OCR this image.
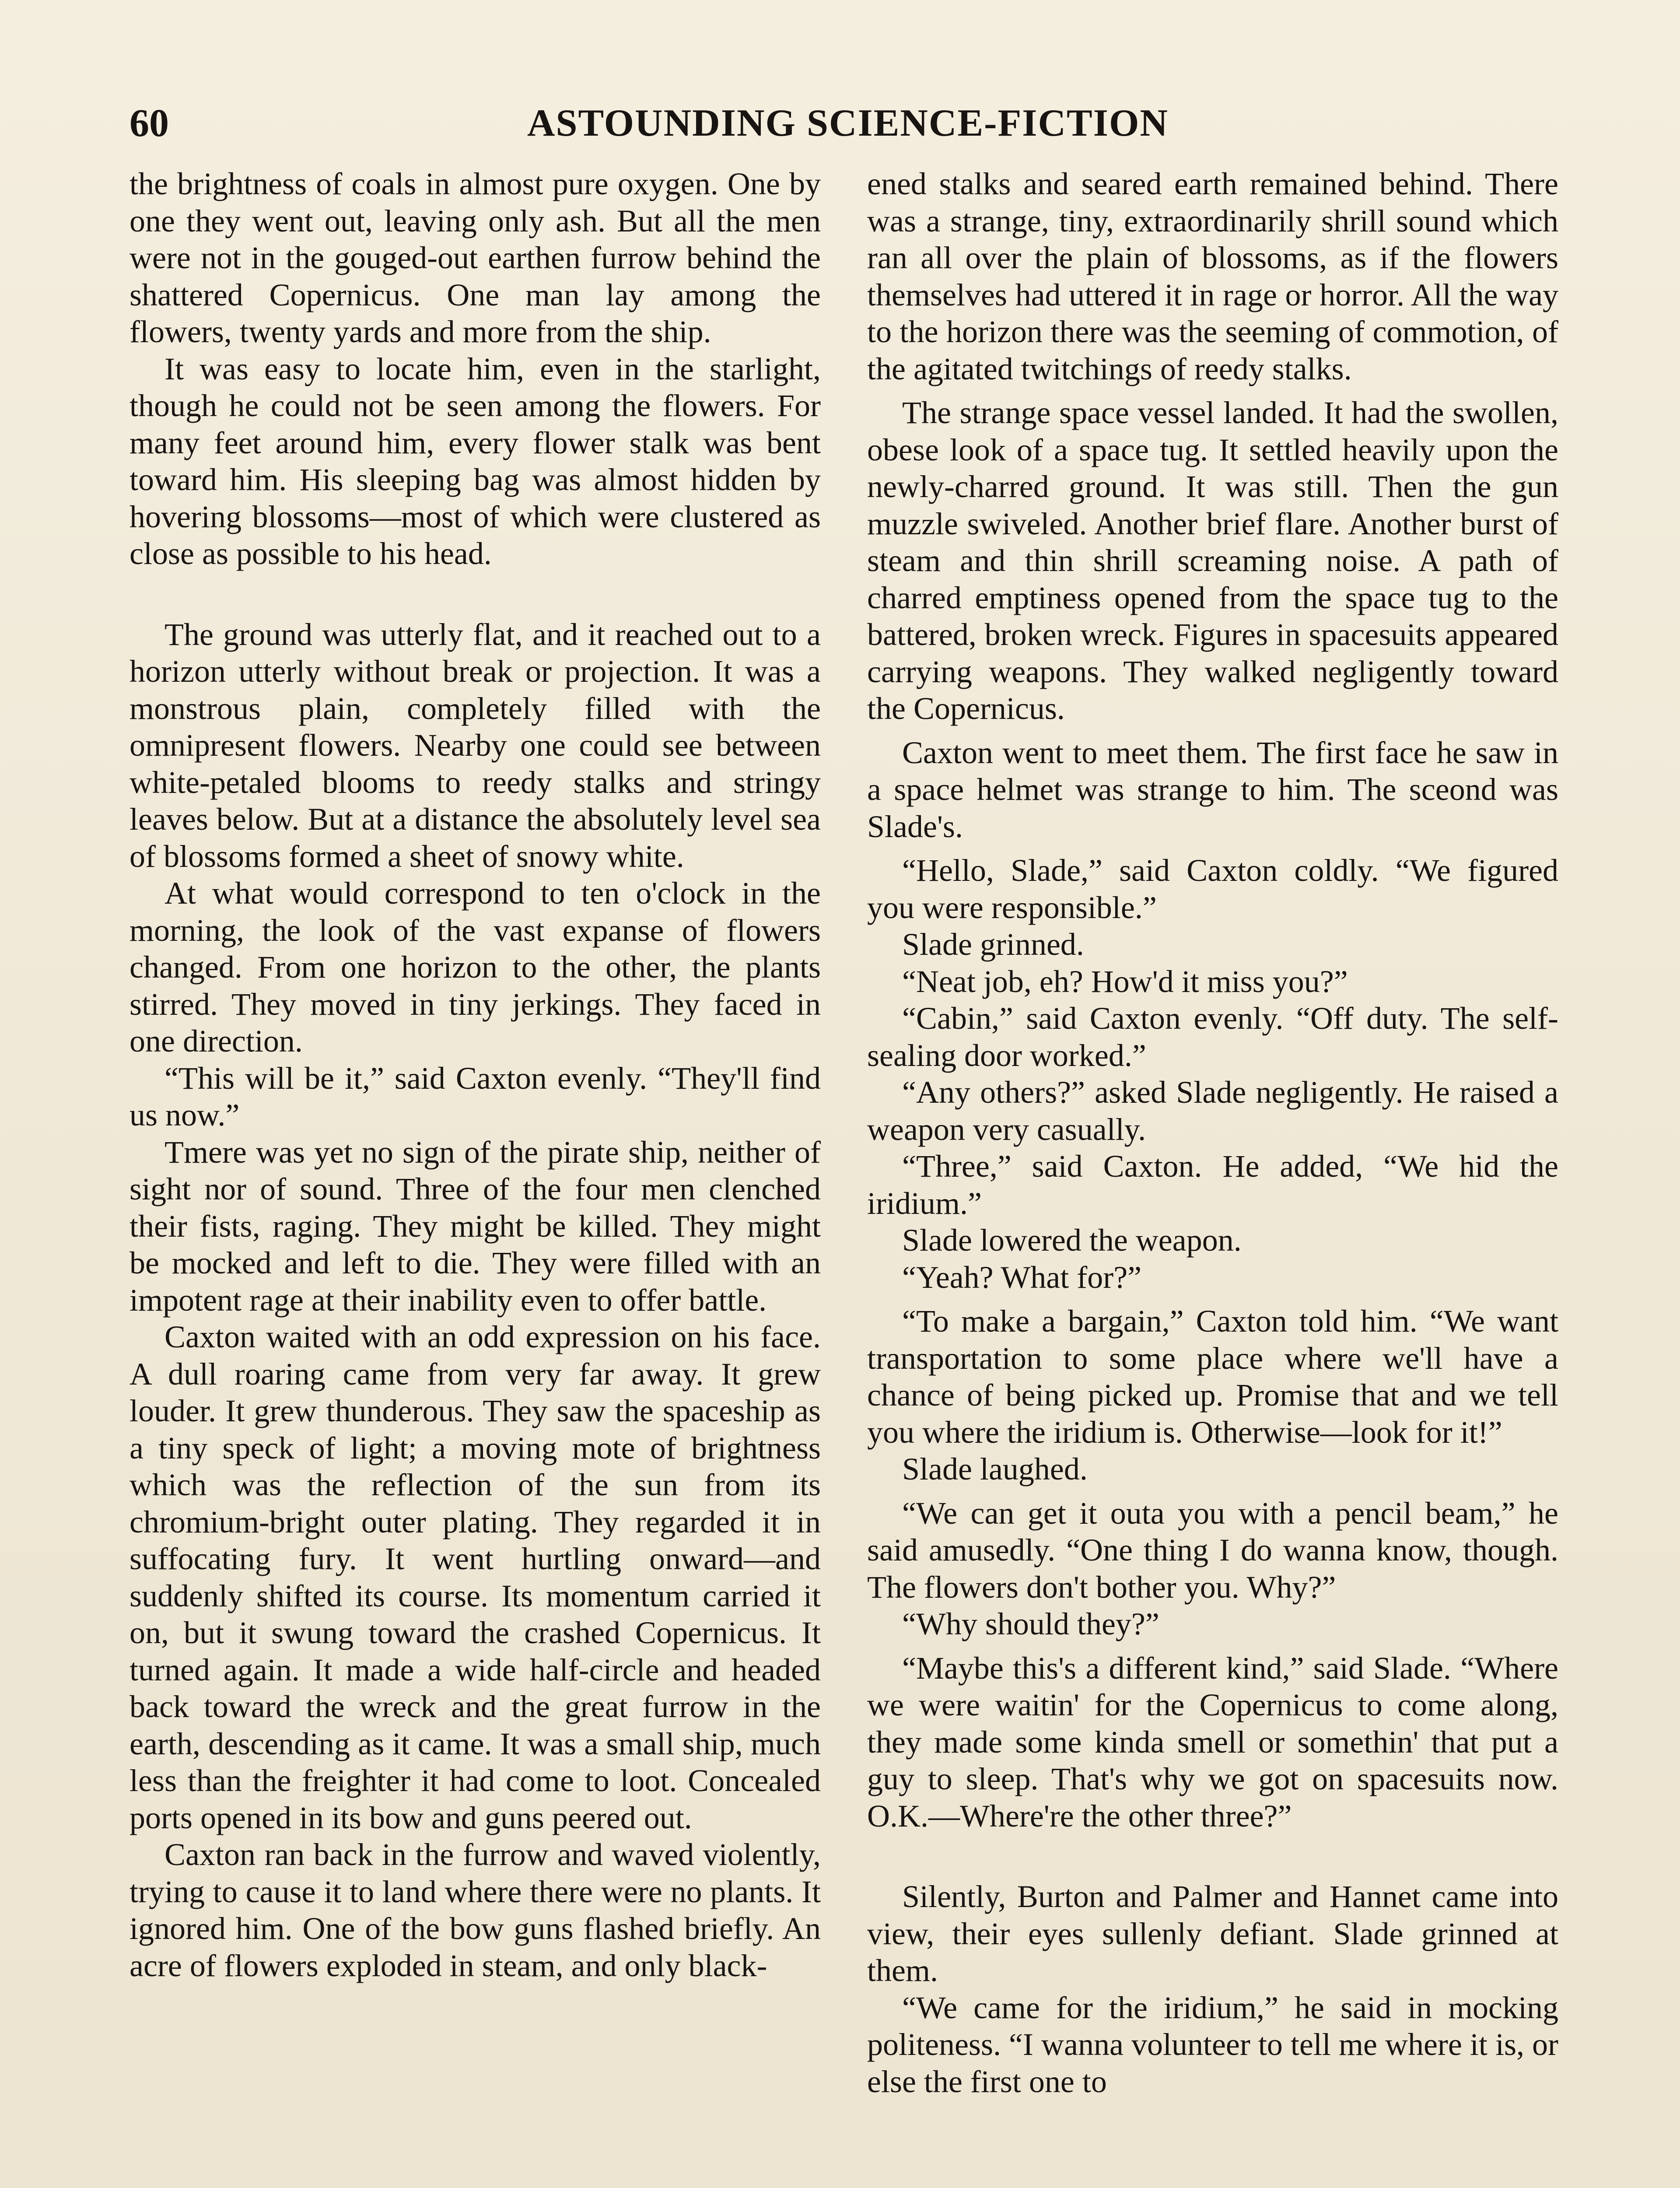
ASTOUNDING SCIENCE-FICTION
60

the brightness of coals in almost pure oxygen. One by one they went out, leaving only ash. But all the men were not in the gouged-out earthen furrow behind the shattered Copernicus. One man lay among the flowers, twenty yards and more from the ship.

It was easy to locate him, even in the starlight, though he could not be seen among the flowers. For many feet around him, every flower stalk was bent toward him. His sleeping bag was almost hidden by hovering blossoms—most of which were clustered as close as possible to his head.

The ground was utterly flat, and it reached out to a horizon utterly without break or projection. It was a monstrous plain, completely filled with the omnipresent flowers. Nearby one could see between white-petaled blooms to reedy stalks and stringy leaves below. But at a distance the absolutely level sea of blossoms formed a sheet of snowy white.

At what would correspond to ten o'clock in the morning, the look of the vast expanse of flowers changed. From one horizon to the other, the plants stirred. They moved in tiny jerkings. They faced in one direction.

“This will be it,” said Caxton evenly. “They'll find us now.”

Tmere was yet no sign of the pirate ship, neither of sight nor of sound. Three of the four men clenched their fists, raging. They might be killed. They might be mocked and left to die. They were filled with an impotent rage at their inability even to offer battle.

Caxton waited with an odd expression on his face. A dull roaring came from very far away. It grew louder. It grew thunderous. They saw the spaceship as a tiny speck of light; a moving mote of brightness which was the reflection of the sun from its chromium-bright outer plating. They regarded it in suffocating fury. It went hurtling onward—and suddenly shifted its course. Its momentum carried it on, but it swung toward the crashed Copernicus. It turned again. It made a wide half-circle and headed back toward the wreck and the great furrow in the earth, descending as it came. It was a small ship, much less than the freighter it had come to loot. Concealed ports opened in its bow and guns peered out.

Caxton ran back in the furrow and waved violently, trying to cause it to land where there were no plants. It ignored him. One of the bow guns flashed briefly. An acre of flowers exploded in steam, and only black-

ened stalks and seared earth remained behind. There was a strange, tiny, extraordinarily shrill sound which ran all over the plain of blossoms, as if the flowers themselves had uttered it in rage or horror. All the way to the horizon there was the seeming of commotion, of the agitated twitchings of reedy stalks.

The strange space vessel landed. It had the swollen, obese look of a space tug. It settled heavily upon the newly-charred ground. It was still. Then the gun muzzle swiveled. Another brief flare. Another burst of steam and thin shrill screaming noise. A path of charred emptiness opened from the space tug to the battered, broken wreck. Figures in spacesuits appeared carrying weapons. They walked negligently toward the Copernicus.

Caxton went to meet them. The first face he saw in a space helmet was strange to him. The sceond was Slade's.

“Hello, Slade,” said Caxton coldly. “We figured you were responsible.”

Slade grinned.

“Neat job, eh? How'd it miss you?”

“Cabin,” said Caxton evenly. “Off duty. The self-sealing door worked.”

“Any others?” asked Slade negligently. He raised a weapon very casually.

“Three,” said Caxton. He added, “We hid the iridium.”

Slade lowered the weapon.

“Yeah? What for?”

“To make a bargain,” Caxton told him. “We want transportation to some place where we'll have a chance of being picked up. Promise that and we tell you where the iridium is. Otherwise—look for it!”

Slade laughed.

“We can get it outa you with a pencil beam,” he said amusedly. “One thing I do wanna know, though. The flowers don't bother you. Why?”

“Why should they?”

“Maybe this's a different kind,” said Slade. “Where we were waitin' for the Copernicus to come along, they made some kinda smell or somethin' that put a guy to sleep. That's why we got on spacesuits now. O.K.—Where're the other three?”

Silently, Burton and Palmer and Hannet came into view, their eyes sullenly defiant. Slade grinned at them.

“We came for the iridium,” he said in mocking politeness. “I wanna volunteer to tell me where it is, or else the first one to
